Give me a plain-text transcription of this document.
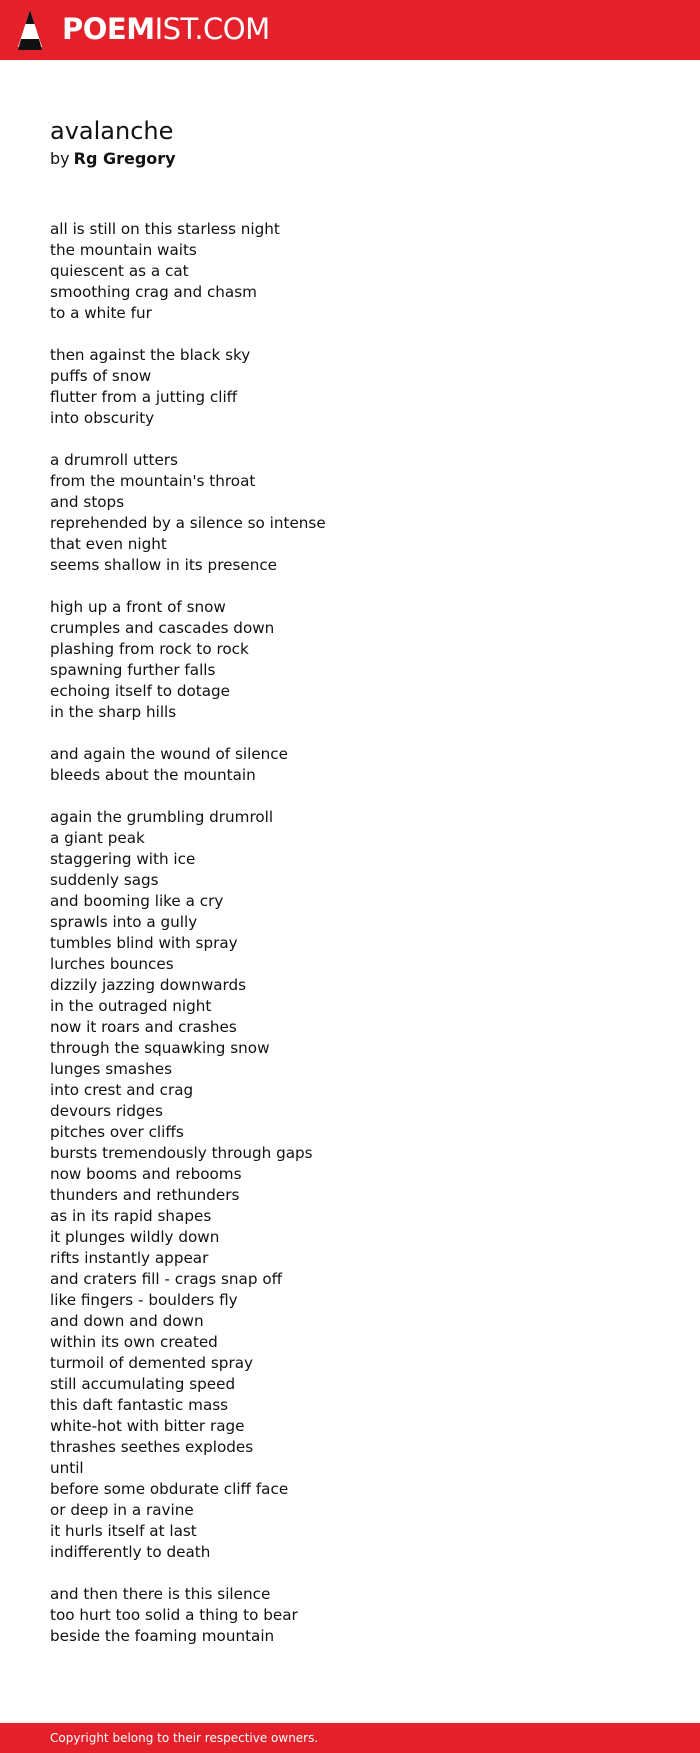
POEMIST.COM
avalanche
by Rg Gregory
all is still on this starless night
the mountain waits
quiescent as a cat
smoothing crag and chasm
to a white fur
then against the black sky
puffs of snow
flutter from a jutting cliff
into obscurity
a drumroll utters
from the mountain's throat
and stops
reprehended by a silence so intense
that even night
seems shallow in its presence
high up a front of snow
crumples and cascades down
plashing from rock to rock
spawning further falls
echoing itself to dotage
in the sharp hills
and again the wound of silence
bleeds about the mountain
again the grumbling drumroll
a giant peak
staggering with ice
suddenly sags
and booming like a cry
sprawls into a gully
tumbles blind with spray
lurches bounces
dizzily jazzing downwards
in the outraged night
now it roars and crashes
through the squawking snow
lunges smashes
into crest and crag
devours ridges
pitches over cliffs
bursts tremendously through gaps
now booms and rebooms
thunders and rethunders
as in its rapid shapes
it plunges wildly down
rifts instantly appear
and craters fill - crags snap off
like fingers - boulders fly
and down and down
within its own created
turmoil of demented spray
still accumulating speed
this daft fantastic mass
white-hot with bitter rage
thrashes seethes explodes
until
before some obdurate cliff face
or deep in a ravine
it hurls itself at last
indifferently to death
and then there is this silence
too hurt too solid a thing to bear
beside the foaming mountain
Copyright belong to their respective owners.
